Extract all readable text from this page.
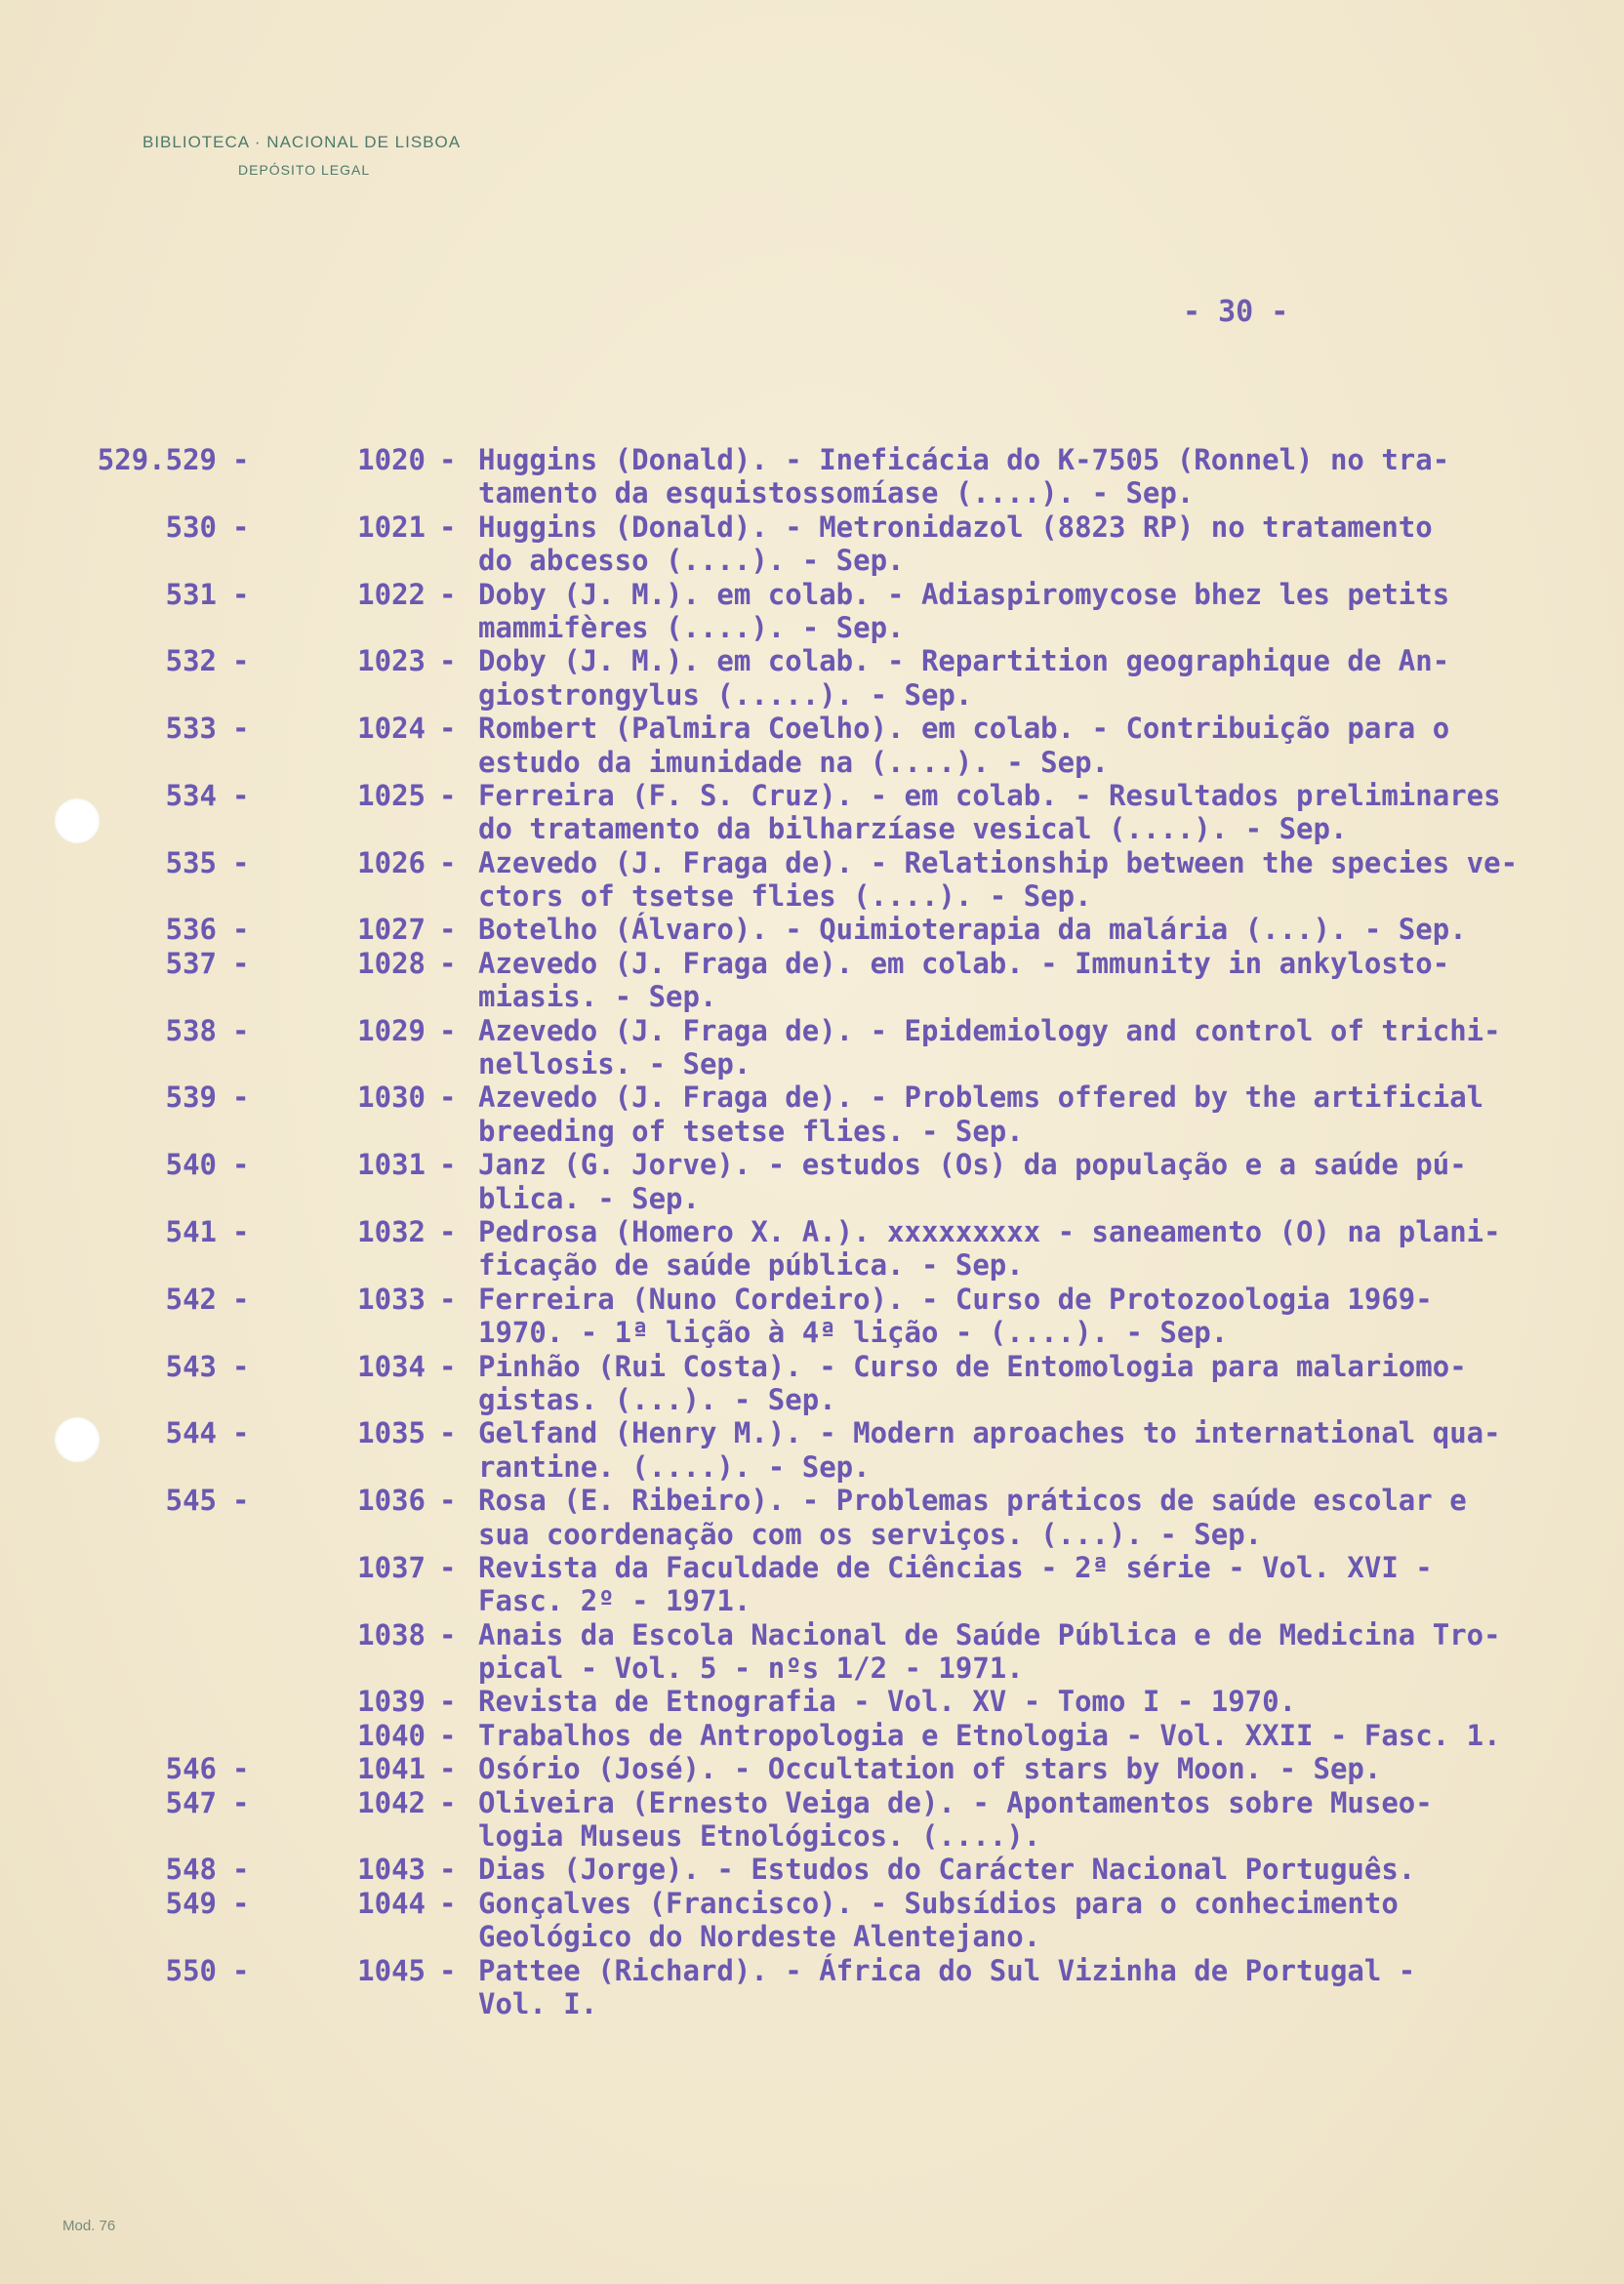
BIBLIOTECA · NACIONAL DE LISBOA
DEPÓSITO LEGAL
- 30 -
529.529 -	1020 - Huggins (Donald). - Ineficácia do K-7505 (Ronnel) no tra-
tamento da esquistossomíase (....). - Sep.
530 -	1021 - Huggins (Donald). - Metronidazol (8823 RP) no tratamento
do abcesso (....). - Sep.
531 -	1022 - Doby (J. M.). em colab. - Adiaspiromycose bhez les petits
mammifères (....). - Sep.
532 -	1023 - Doby (J. M.). em colab. - Repartition geographique de An-
giostrongylus (.....). - Sep.
533 -	1024 - Rombert (Palmira Coelho). em colab. - Contribuição para o
estudo da imunidade na (....). - Sep.
534 -	1025 - Ferreira (F. S. Cruz). - em colab. - Resultados preliminares
do tratamento da bilharzíase vesical (....). - Sep.
535 -	1026 - Azevedo (J. Fraga de). - Relationship between the species ve-
ctors of tsetse flies (....). - Sep.
536 -	1027 - Botelho (Álvaro). - Quimioterapia da malária (...). - Sep.
537 -	1028 - Azevedo (J. Fraga de). em colab. - Immunity in ankylosto-
miasis. - Sep.
538 -	1029 - Azevedo (J. Fraga de). - Epidemiology and control of trichi-
nellosis. - Sep.
539 -	1030 - Azevedo (J. Fraga de). - Problems offered by the artificial
breeding of tsetse flies. - Sep.
540 -	1031 - Janz (G. Jorve). - estudos (Os) da população e a saúde pú-
blica. - Sep.
541 -	1032 - Pedrosa (Homero X. A.). xxxxxxxxx - saneamento (O) na plani-
ficação de saúde pública. - Sep.
542 -	1033 - Ferreira (Nuno Cordeiro). - Curso de Protozoologia 1969-
1970. - 1ª lição à 4ª lição - (....). - Sep.
543 -	1034 - Pinhão (Rui Costa). - Curso de Entomologia para malariomo-
gistas. (...). - Sep.
544 -	1035 - Gelfand (Henry M.). - Modern aproaches to international qua-
rantine. (....). - Sep.
545 -	1036 - Rosa (E. Ribeiro). - Problemas práticos de saúde escolar e
sua coordenação com os serviços. (...). - Sep.
1037 - Revista da Faculdade de Ciências - 2ª série - Vol. XVI -
Fasc. 2º - 1971.
1038 - Anais da Escola Nacional de Saúde Pública e de Medicina Tro-
pical - Vol. 5 - nºs 1/2 - 1971.
1039 - Revista de Etnografia - Vol. XV - Tomo I - 1970.
1040 - Trabalhos de Antropologia e Etnologia - Vol. XXII - Fasc. 1.
546 -	1041 - Osório (José). - Occultation of stars by Moon. - Sep.
547 -	1042 - Oliveira (Ernesto Veiga de). - Apontamentos sobre Museo-
logia Museus Etnológicos. (....).
548 -	1043 - Dias (Jorge). - Estudos do Carácter Nacional Português.
549 -	1044 - Gonçalves (Francisco). - Subsídios para o conhecimento
Geológico do Nordeste Alentejano.
550 -	1045 - Pattee (Richard). - África do Sul Vizinha de Portugal -
Vol. I.
Mod. 76
